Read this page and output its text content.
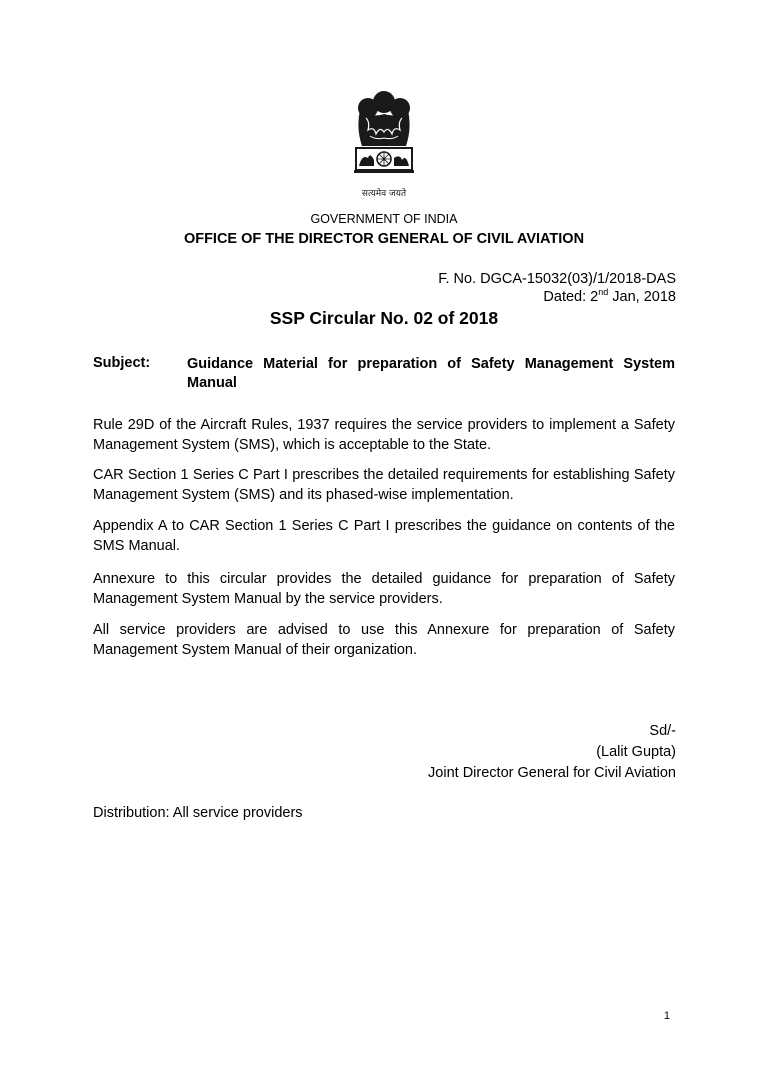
सत्यमेव जयते
GOVERNMENT OF INDIA
OFFICE OF THE DIRECTOR GENERAL OF CIVIL AVIATION
F. No. DGCA-15032(03)/1/2018-DAS
Dated: 2nd Jan, 2018
SSP Circular No. 02 of 2018
Subject:	Guidance Material for preparation of Safety Management System Manual
Rule 29D of the Aircraft Rules, 1937 requires the service providers to implement a Safety Management System (SMS), which is acceptable to the State.
CAR Section 1 Series C Part I prescribes the detailed requirements for establishing Safety Management System (SMS) and its phased-wise implementation.
Appendix A to CAR Section 1 Series C Part I prescribes the guidance on contents of the SMS Manual.
Annexure to this circular provides the detailed guidance for preparation of Safety Management System Manual by the service providers.
All service providers are advised to use this Annexure for preparation of Safety Management System Manual of their organization.
Sd/-
(Lalit Gupta)
Joint Director General for Civil Aviation
Distribution: All service providers
1
